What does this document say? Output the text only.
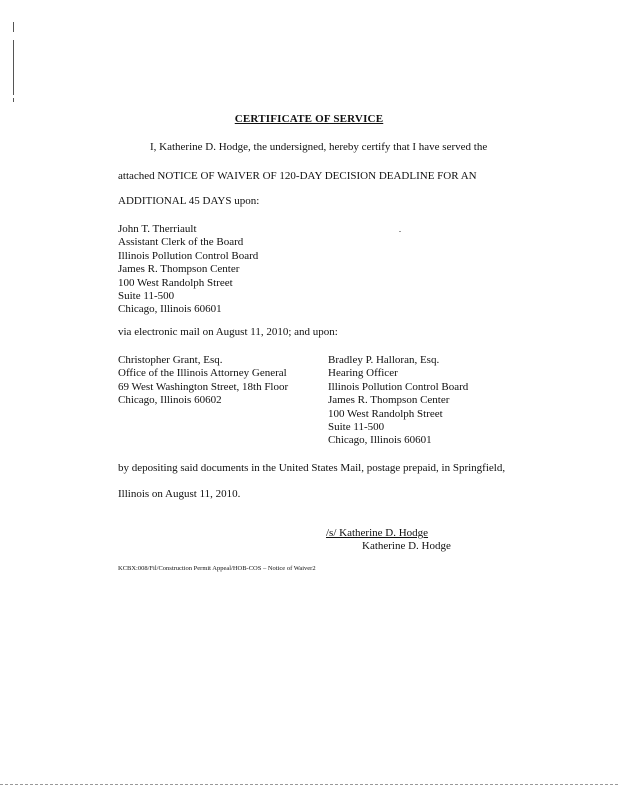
CERTIFICATE OF SERVICE
I, Katherine D. Hodge, the undersigned, hereby certify that I have served the
attached NOTICE OF WAIVER OF 120-DAY DECISION DEADLINE FOR AN
ADDITIONAL 45 DAYS upon:
John T. Therriault
Assistant Clerk of the Board
Illinois Pollution Control Board
James R. Thompson Center
100 West Randolph Street
Suite 11-500
Chicago, Illinois 60601
via electronic mail on August 11, 2010; and upon:
Christopher Grant, Esq.
Office of the Illinois Attorney General
69 West Washington Street, 18th Floor
Chicago, Illinois 60602
Bradley P. Halloran, Esq.
Hearing Officer
Illinois Pollution Control Board
James R. Thompson Center
100 West Randolph Street
Suite 11-500
Chicago, Illinois 60601
by depositing said documents in the United States Mail, postage prepaid, in Springfield,
Illinois on August 11, 2010.
/s/ Katherine D. Hodge
Katherine D. Hodge
KCBX:008/Fil/Construction Permit Appeal/HOB-COS – Notice of Waiver2
